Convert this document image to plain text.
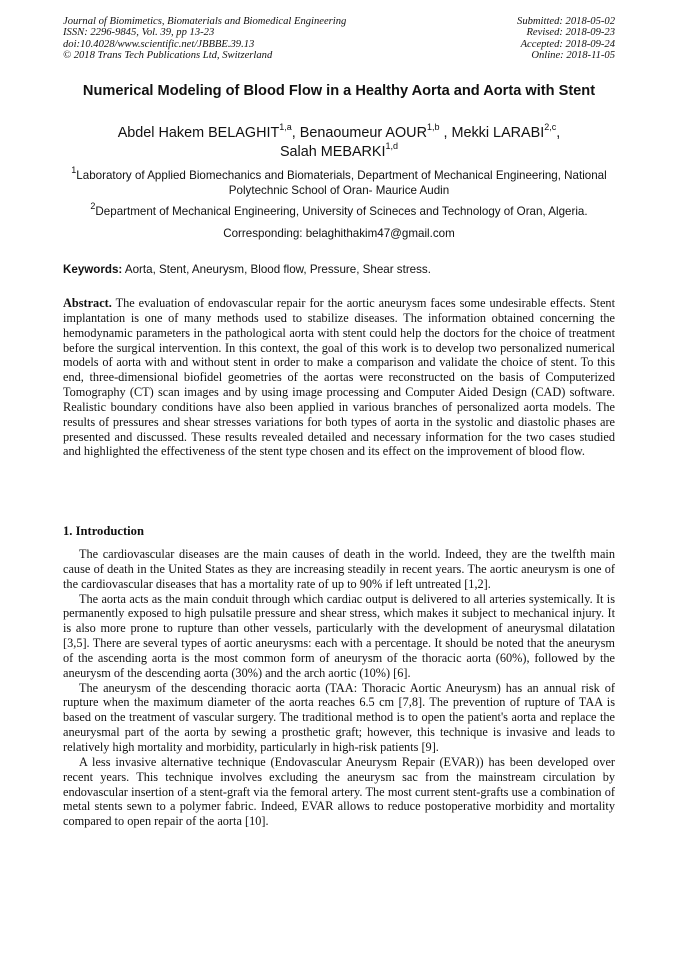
Journal of Biomimetics, Biomaterials and Biomedical Engineering
ISSN: 2296-9845, Vol. 39, pp 13-23
doi:10.4028/www.scientific.net/JBBBE.39.13
© 2018 Trans Tech Publications Ltd, Switzerland
Submitted: 2018-05-02
Revised: 2018-09-23
Accepted: 2018-09-24
Online: 2018-11-05
Numerical Modeling of Blood Flow in a Healthy Aorta and Aorta with Stent
Abdel Hakem BELAGHIT$^{1,a}$, Benaoumeur AOUR$^{1,b}$ , Mekki LARABI$^{2,c}$,
Salah MEBARKI$^{1,d}$
$^1$Laboratory of Applied Biomechanics and Biomaterials, Department of Mechanical Engineering, National Polytechnic School of Oran- Maurice Audin
$^2$Department of Mechanical Engineering, University of Scineces and Technology of Oran, Algeria.
Corresponding: belaghithakim47@gmail.com
Keywords: Aorta, Stent, Aneurysm, Blood flow, Pressure, Shear stress.
Abstract. The evaluation of endovascular repair for the aortic aneurysm faces some undesirable effects. Stent implantation is one of many methods used to stabilize diseases. The information obtained concerning the hemodynamic parameters in the pathological aorta with stent could help the doctors for the choice of treatment before the surgical intervention. In this context, the goal of this work is to develop two personalized numerical models of aorta with and without stent in order to make a comparison and validate the choice of stent. To this end, three-dimensional biofidel geometries of the aortas were reconstructed on the basis of Computerized Tomography (CT) scan images and by using image processing and Computer Aided Design (CAD) software. Realistic boundary conditions have also been applied in various branches of personalized aorta models. The results of pressures and shear stresses variations for both types of aorta in the systolic and diastolic phases are presented and discussed. These results revealed detailed and necessary information for the two cases studied and highlighted the effectiveness of the stent type chosen and its effect on the improvement of blood flow.
1. Introduction

The cardiovascular diseases are the main causes of death in the world. Indeed, they are the twelfth main cause of death in the United States as they are increasing steadily in recent years. The aortic aneurysm is one of the cardiovascular diseases that has a mortality rate of up to 90% if left untreated [1,2].

The aorta acts as the main conduit through which cardiac output is delivered to all arteries systemically. It is permanently exposed to high pulsatile pressure and shear stress, which makes it subject to mechanical injury. It is also more prone to rupture than other vessels, particularly with the development of aneurysmal dilatation [3,5]. There are several types of aortic aneurysms: each with a percentage. It should be noted that the aneurysm of the ascending aorta is the most common form of aneurysm of the thoracic aorta (60%), followed by the aneurysm of the descending aorta (30%) and the arch aortic (10%) [6].

The aneurysm of the descending thoracic aorta (TAA: Thoracic Aortic Aneurysm) has an annual risk of rupture when the maximum diameter of the aorta reaches 6.5 cm [7,8]. The prevention of rupture of TAA is based on the treatment of vascular surgery. The traditional method is to open the patient's aorta and replace the aneurysmal part of the aorta by sewing a prosthetic graft; however, this technique is invasive and leads to relatively high mortality and morbidity, particularly in high-risk patients [9].

A less invasive alternative technique (Endovascular Aneurysm Repair (EVAR)) has been developed over recent years. This technique involves excluding the aneurysm sac from the mainstream circulation by endovascular insertion of a stent-graft via the femoral artery. The most current stent-grafts use a combination of metal stents sewn to a polymer fabric. Indeed, EVAR allows to reduce postoperative morbidity and mortality compared to open repair of the aorta [10].
